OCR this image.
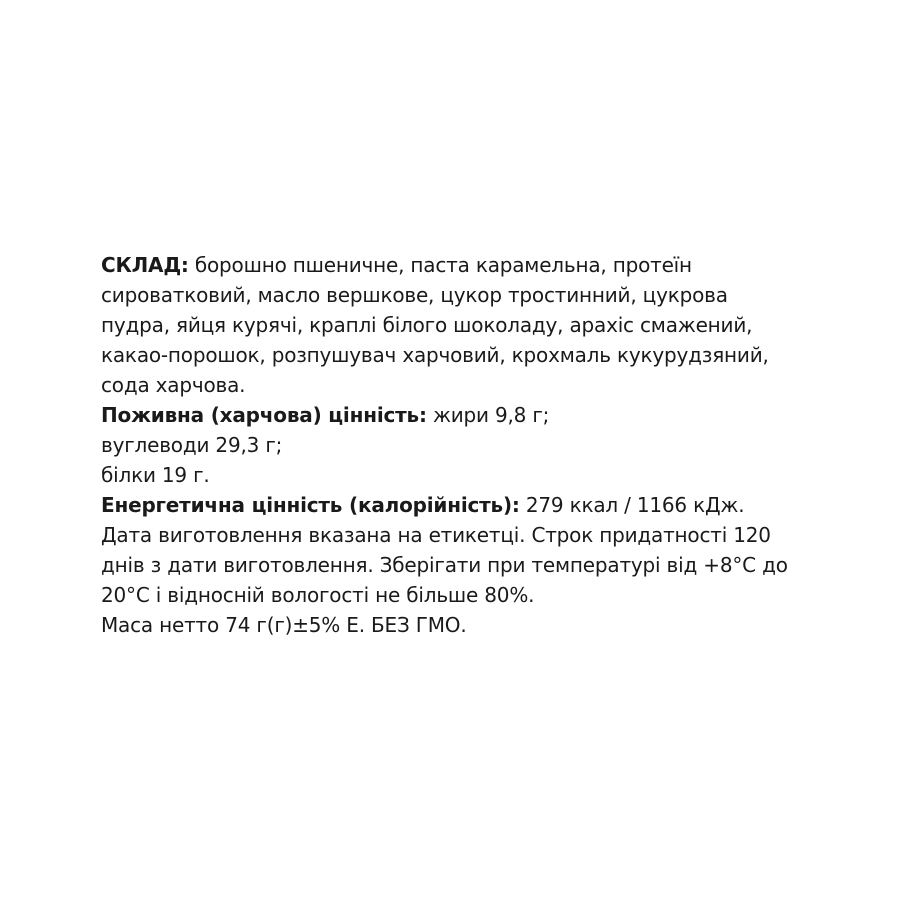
СКЛАД: борошно пшеничне, паста карамельна, протеїн
сироватковий, масло вершкове, цукор тростинний, цукрова
пудра, яйця курячі, краплі білого шоколаду, арахіс смажений,
какао-порошок, розпушувач харчовий, крохмаль кукурудзяний,
сода харчова.
Поживна (харчова) цінність: жири 9,8 г;
вуглеводи 29,3 г;
білки 19 г.
Енергетична цінність (калорійність): 279 ккал / 1166 кДж.
Дата виготовлення вказана на етикетці. Строк придатності 120
днів з дати виготовлення. Зберігати при температурі від +8°С до
20°С і відносній вологості не більше 80%.
Маса нетто 74 г(г)±5% Е. БЕЗ ГМО.
